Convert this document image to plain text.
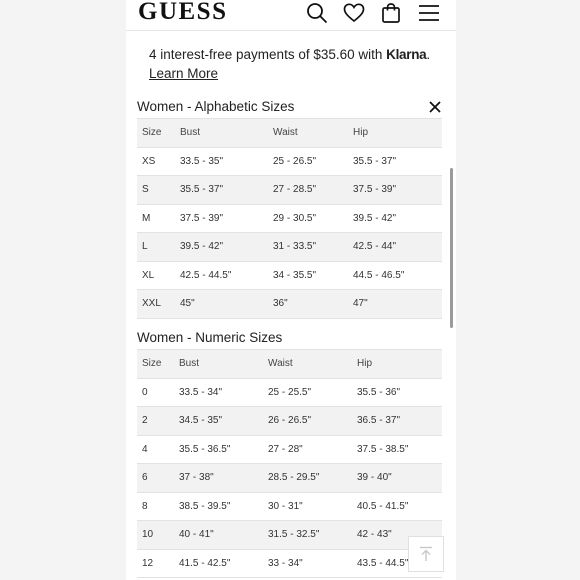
GUESS
4 interest-free payments of $35.60 with Klarna.
Learn More
Women - Alphabetic Sizes
Size	Bust	Waist	Hip
XS	33.5 - 35"	25 - 26.5"	35.5 - 37"
S	35.5 - 37"	27 - 28.5"	37.5 - 39"
M	37.5 - 39"	29 - 30.5"	39.5 - 42"
L	39.5 - 42"	31 - 33.5"	42.5 - 44"
XL	42.5 - 44.5"	34 - 35.5"	44.5 - 46.5"
XXL	45"	36"	47"
Women - Numeric Sizes
Size	Bust	Waist	Hip
0	33.5 - 34"	25 - 25.5"	35.5 - 36"
2	34.5 - 35"	26 - 26.5"	36.5 - 37"
4	35.5 - 36.5"	27 - 28"	37.5 - 38.5"
6	37 - 38"	28.5 - 29.5"	39 - 40"
8	38.5 - 39.5"	30 - 31"	40.5 - 41.5"
10	40 - 41"	31.5 - 32.5"	42 - 43"
12	41.5 - 42.5"	33 - 34"	43.5 - 44.5"
